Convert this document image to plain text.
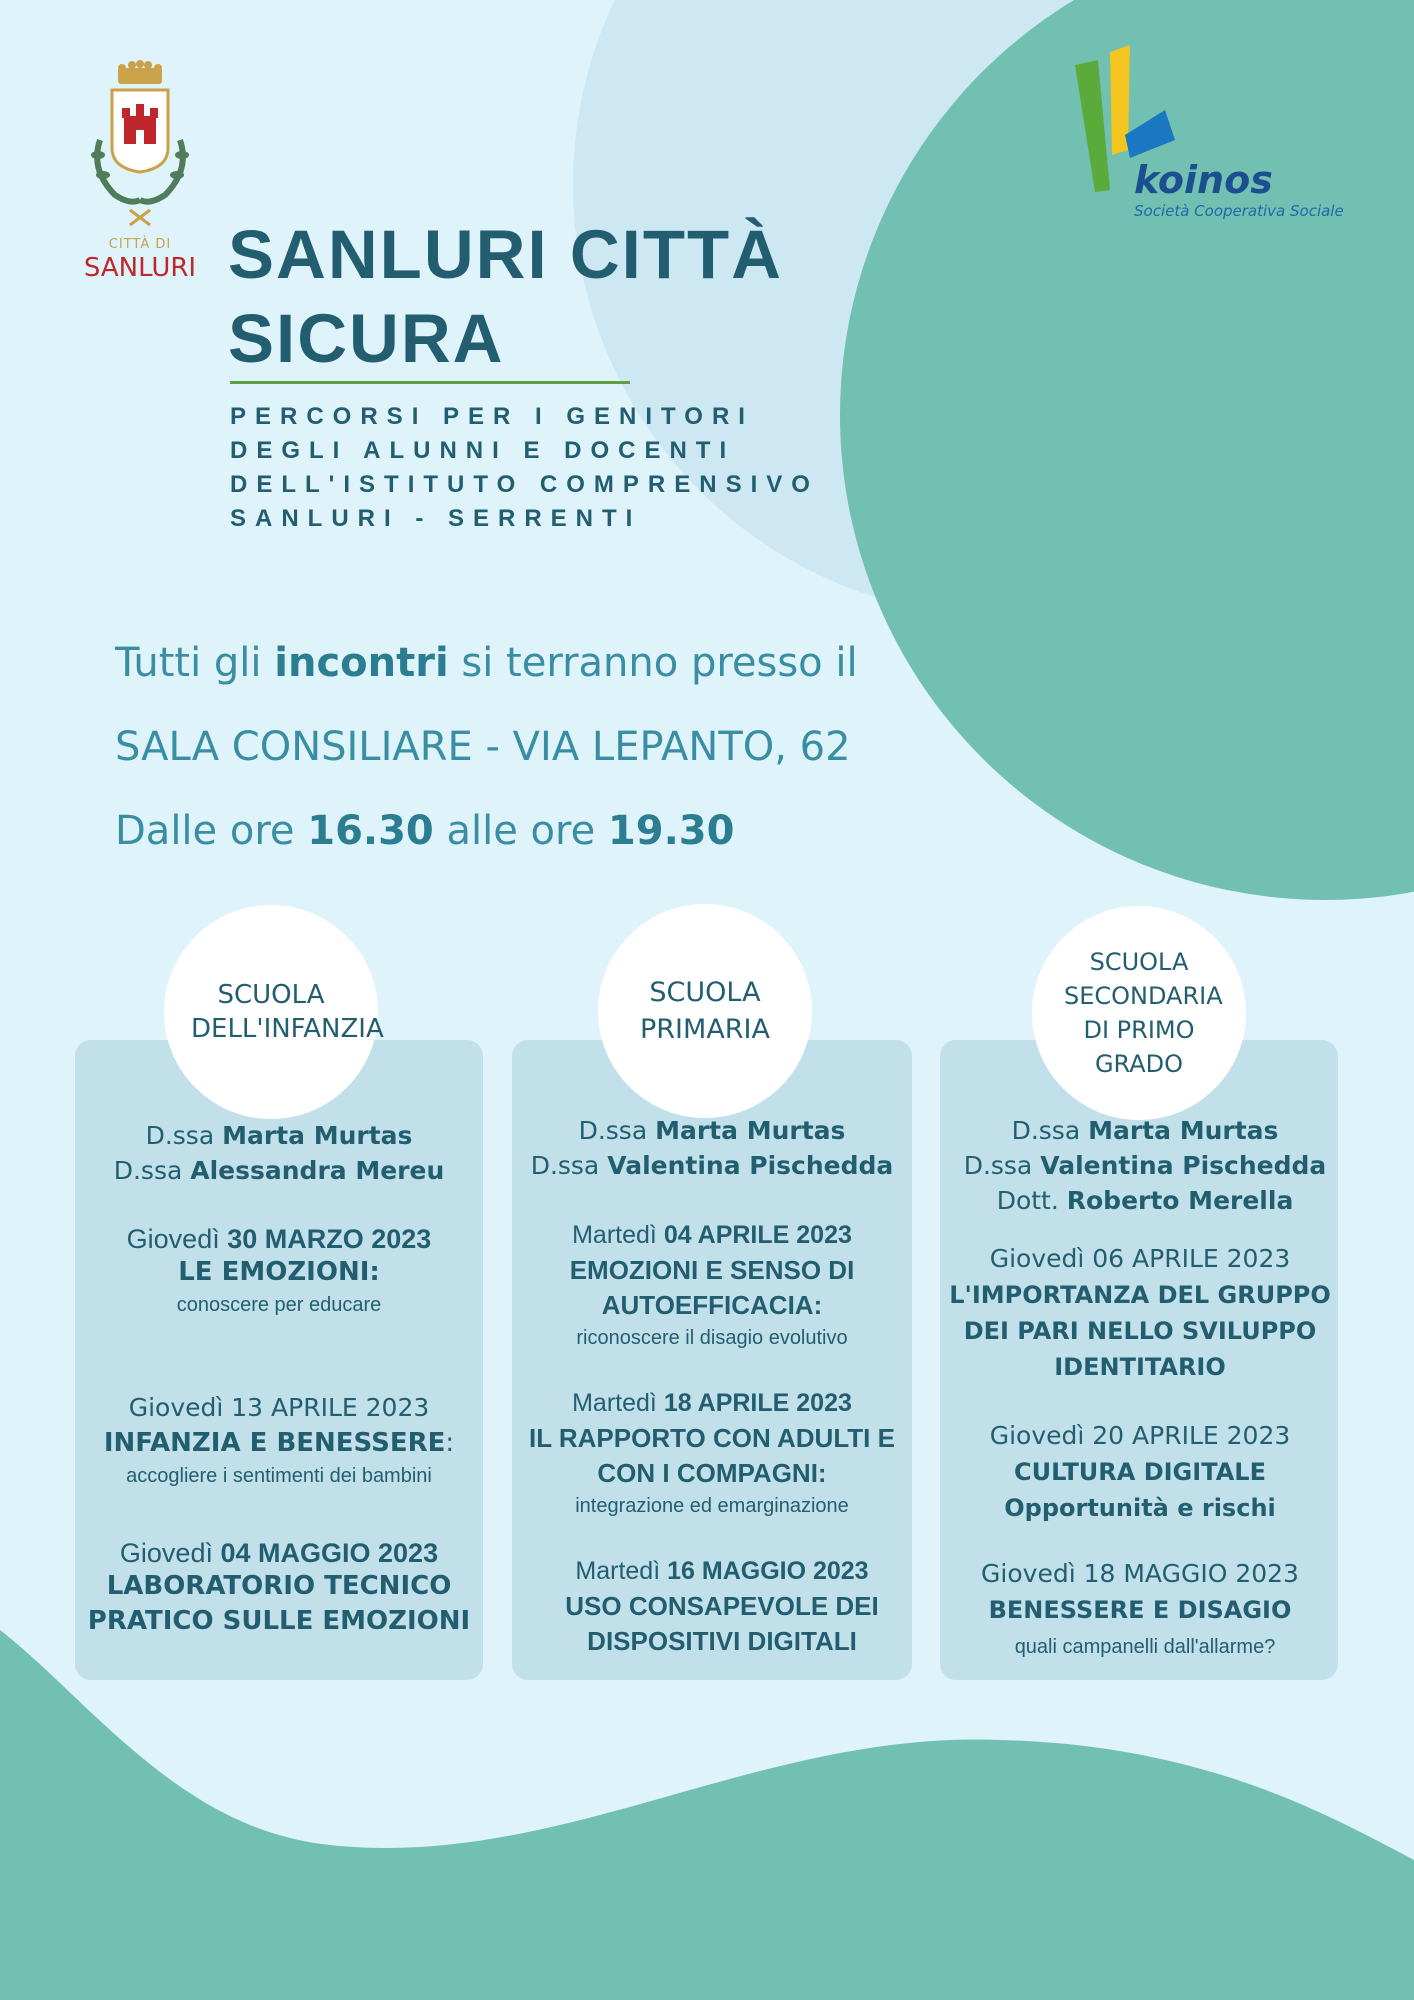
CITTÀ DI
SANLURI
koinos
Società Cooperativa Sociale
SANLURI CITTÀ SICURA
PERCORSI PER I GENITORI DEGLI ALUNNI E DOCENTI DELL'ISTITUTO COMPRENSIVO SANLURI - SERRENTI
Tutti gli incontri si terranno presso il
SALA CONSILIARE - VIA LEPANTO, 62
Dalle ore 16.30 alle ore 19.30
SCUOLA DELL'INFANZIA
D.ssa Marta Murtas
D.ssa Alessandra Mereu
Giovedì 30 MARZO 2023
LE EMOZIONI:
conoscere per educare
Giovedì 13 APRILE 2023
INFANZIA E BENESSERE:
accogliere i sentimenti dei bambini
Giovedì 04 MAGGIO 2023
LABORATORIO TECNICO
PRATICO SULLE EMOZIONI
SCUOLA PRIMARIA
D.ssa Marta Murtas
D.ssa Valentina Pischedda
Martedì 04 APRILE 2023
EMOZIONI E SENSO DI
AUTOEFFICACIA:
riconoscere il disagio evolutivo
Martedì 18 APRILE 2023
IL RAPPORTO CON ADULTI E
CON I COMPAGNI:
integrazione ed emarginazione
Martedì 16 MAGGIO 2023
USO CONSAPEVOLE DEI
DISPOSITIVI DIGITALI
SCUOLA SECONDARIA DI PRIMO GRADO
D.ssa Marta Murtas
D.ssa Valentina Pischedda
Dott. Roberto Merella
Giovedì 06 APRILE 2023
L'IMPORTANZA DEL GRUPPO
DEI PARI NELLO SVILUPPO
IDENTITARIO
Giovedì 20 APRILE 2023
CULTURA DIGITALE
Opportunità e rischi
Giovedì 18 MAGGIO 2023
BENESSERE E DISAGIO
quali campanelli dall'allarme?
